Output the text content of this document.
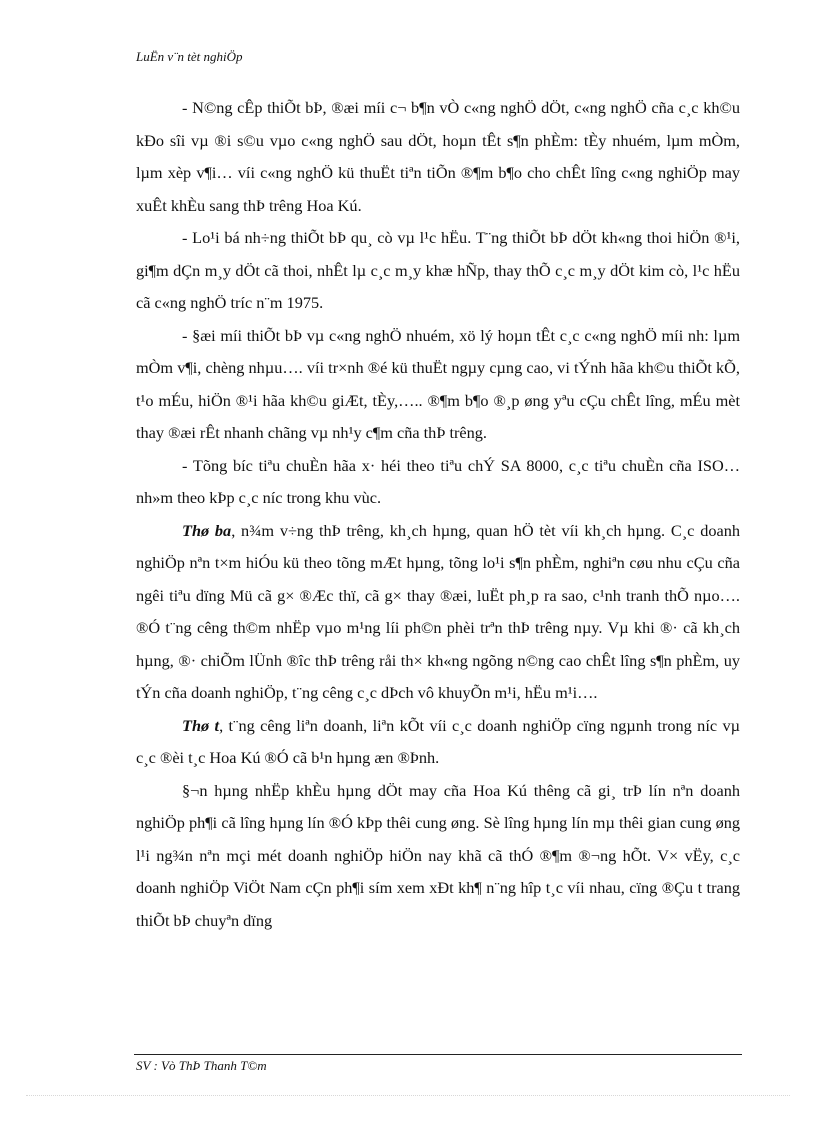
LuËn v¨n tèt nghiÖp

- N©ng cÊp thiÕt bÞ, ®æi míi c¬ b¶n vÒ c«ng nghÖ dÖt, c«ng nghÖ cña c¸c kh©u kÐo sîi vµ ®i s©u vµo c«ng nghÖ sau dÖt, hoµn tÊt s¶n phÈm: tÈy nhuém, lµm mÒm, lµm xèp v¶i… víi c«ng nghÖ kü thuËt tiªn tiÕn ®¶m b¶o cho chÊt lîng c«ng nghiÖp may xuÊt khÈu sang thÞ trêng Hoa Kú.

- Lo¹i bá nh÷ng thiÕt bÞ qu¸ cò vµ l¹c hËu. T¨ng thiÕt bÞ dÖt kh«ng thoi hiÖn ®¹i, gi¶m dÇn m¸y dÖt cã thoi, nhÊt lµ c¸c m¸y khæ hÑp, thay thÕ c¸c m¸y dÖt kim cò, l¹c hËu cã c«ng nghÖ tríc n¨m 1975.

- §æi míi thiÕt bÞ vµ c«ng nghÖ nhuém, xö lý hoµn tÊt c¸c c«ng nghÖ míi nh: lµm mÒm v¶i, chèng nhµu…. víi tr×nh ®é kü thuËt ngµy cµng cao, vi tÝnh hãa kh©u thiÕt kÕ, t¹o mÉu, hiÖn ®¹i hãa kh©u giÆt, tÈy,….. ®¶m b¶o ®¸p øng yªu cÇu chÊt lîng, mÉu mèt thay ®æi rÊt nhanh chãng vµ nh¹y c¶m cña thÞ trêng.

- Tõng bíc tiªu chuÈn hãa x· héi theo tiªu chÝ SA 8000, c¸c tiªu chuÈn cña ISO… nh»m theo kÞp c¸c níc trong khu vùc.

Thø ba, n¾m v÷ng thÞ trêng, kh¸ch hµng, quan hÖ tèt víi kh¸ch hµng. C¸c doanh nghiÖp nªn t×m hiÓu kü theo tõng mÆt hµng, tõng lo¹i s¶n phÈm, nghiªn cøu nhu cÇu cña ngêi tiªu dïng Mü cã g× ®Æc thï, cã g× thay ®æi, luËt ph¸p ra sao, c¹nh tranh thÕ nµo…. ®Ó t¨ng cêng th©m nhËp vµo m¹ng líi ph©n phèi trªn thÞ trêng nµy. Vµ khi ®· cã kh¸ch hµng, ®· chiÕm lÜnh ®îc thÞ trêng råi th× kh«ng ngõng n©ng cao chÊt lîng s¶n phÈm, uy tÝn cña doanh nghiÖp, t¨ng cêng c¸c dÞch vô khuyÕn m¹i, hËu m¹i….

Thø t, t¨ng cêng liªn doanh, liªn kÕt víi c¸c doanh nghiÖp cïng ngµnh trong níc vµ c¸c ®èi t¸c Hoa Kú ®Ó cã b¹n hµng æn ®Þnh.

§¬n hµng nhËp khÈu hµng dÖt may cña Hoa Kú thêng cã gi¸ trÞ lín nªn doanh nghiÖp ph¶i cã lîng hµng lín ®Ó kÞp thêi cung øng. Sè lîng hµng lín mµ thêi gian cung øng l¹i ng¾n nªn mçi mét doanh nghiÖp hiÖn nay khã cã thÓ ®¶m ®¬ng hÕt. V× vËy, c¸c doanh nghiÖp ViÖt Nam cÇn ph¶i sím xem xÐt kh¶ n¨ng hîp t¸c víi nhau, cïng ®Çu t trang thiÕt bÞ chuyªn dïng

SV : Vò ThÞ Thanh T©m
